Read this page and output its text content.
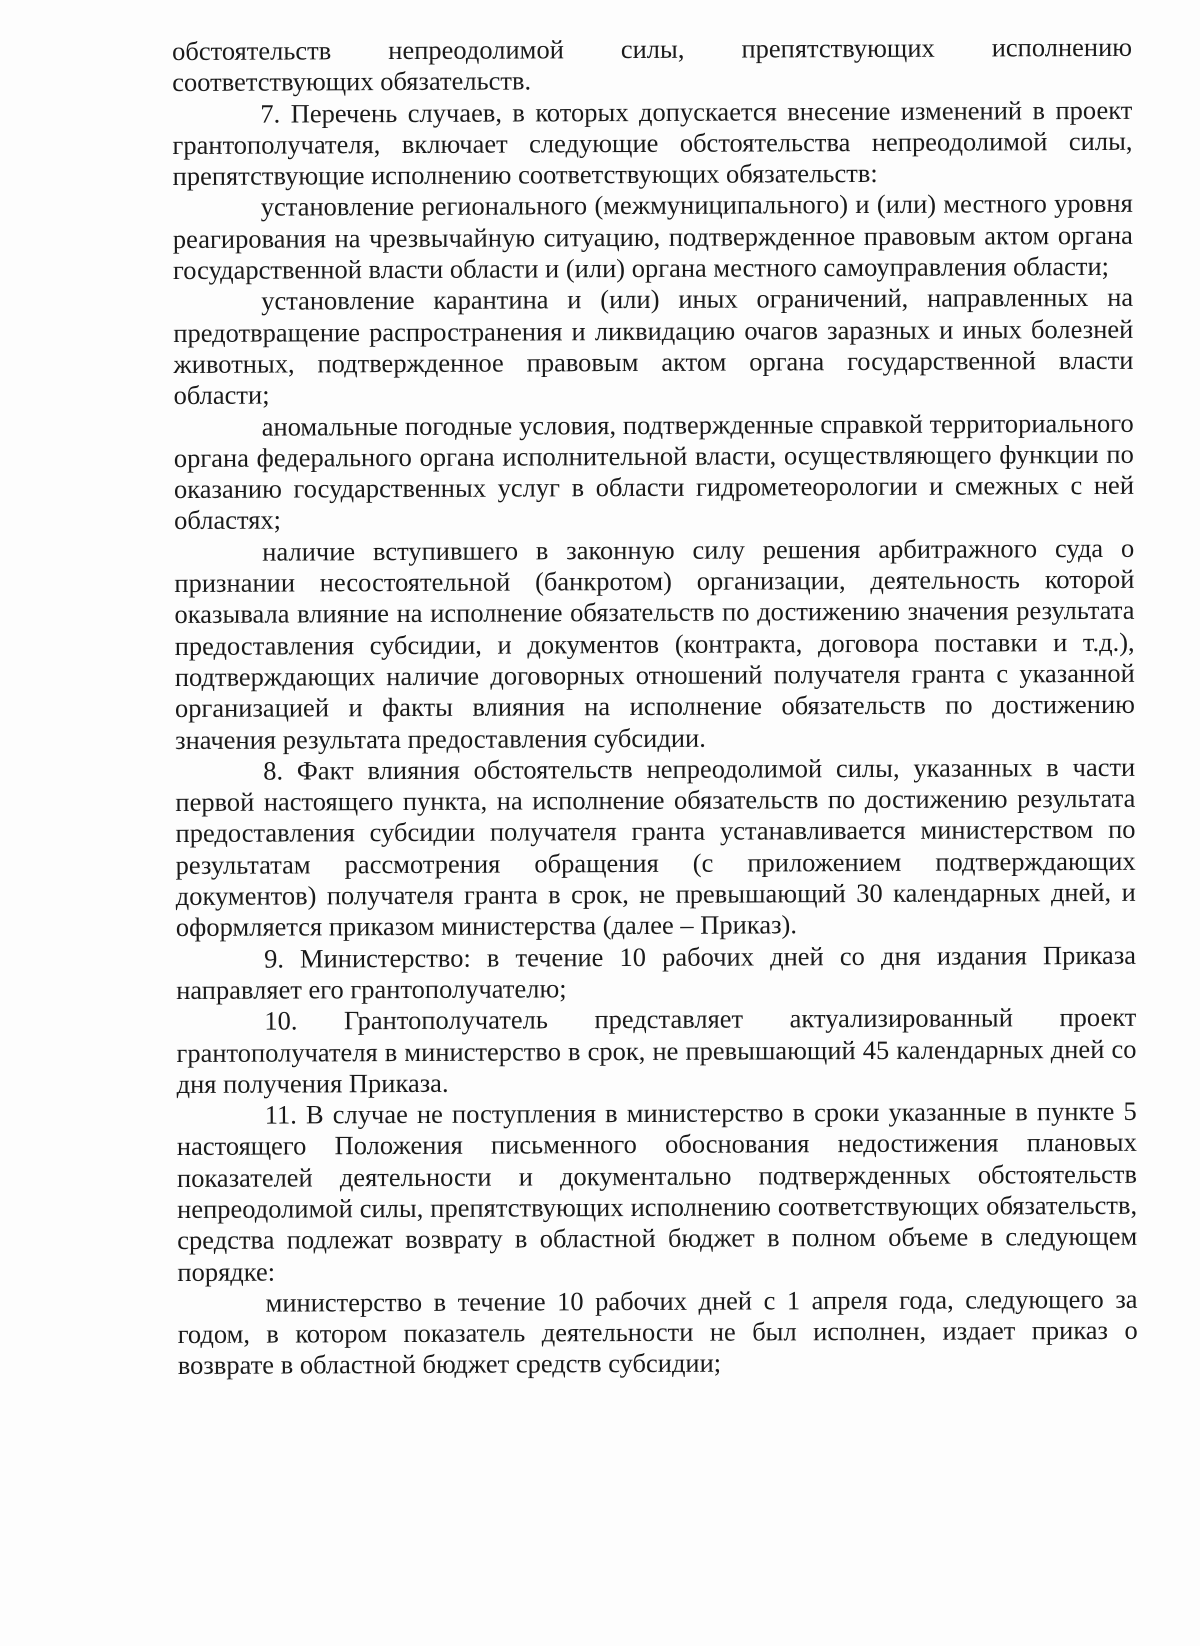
обстоятельств непреодолимой силы, препятствующих исполнению соответствующих обязательств.

7. Перечень случаев, в которых допускается внесение изменений в проект грантополучателя, включает следующие обстоятельства непреодолимой силы, препятствующие исполнению соответствующих обязательств:

установление регионального (межмуниципального) и (или) местного уровня реагирования на чрезвычайную ситуацию, подтвержденное правовым актом органа государственной власти области и (или) органа местного самоуправления области;

установление карантина и (или) иных ограничений, направленных на предотвращение распространения и ликвидацию очагов заразных и иных болезней животных, подтвержденное правовым актом органа государственной власти области;

аномальные погодные условия, подтвержденные справкой территориального органа федерального органа исполнительной власти, осуществляющего функции по оказанию государственных услуг в области гидрометеорологии и смежных с ней областях;

наличие вступившего в законную силу решения арбитражного суда о признании несостоятельной (банкротом) организации, деятельность которой оказывала влияние на исполнение обязательств по достижению значения результата предоставления субсидии, и документов (контракта, договора поставки и т.д.), подтверждающих наличие договорных отношений получателя гранта с указанной организацией и факты влияния на исполнение обязательств по достижению значения результата предоставления субсидии.

8. Факт влияния обстоятельств непреодолимой силы, указанных в части первой настоящего пункта, на исполнение обязательств по достижению результата предоставления субсидии получателя гранта устанавливается министерством по результатам рассмотрения обращения (с приложением подтверждающих документов) получателя гранта в срок, не превышающий 30 календарных дней, и оформляется приказом министерства (далее – Приказ).

9. Министерство: в течение 10 рабочих дней со дня издания Приказа направляет его грантополучателю;

10. Грантополучатель представляет актуализированный проект грантополучателя в министерство в срок, не превышающий 45 календарных дней со дня получения Приказа.

11. В случае не поступления в министерство в сроки указанные в пункте 5 настоящего Положения письменного обоснования недостижения плановых показателей деятельности и документально подтвержденных обстоятельств непреодолимой силы, препятствующих исполнению соответствующих обязательств, средства подлежат возврату в областной бюджет в полном объеме в следующем порядке:

министерство в течение 10 рабочих дней с 1 апреля года, следующего за годом, в котором показатель деятельности не был исполнен, издает приказ о возврате в областной бюджет средств субсидии;
